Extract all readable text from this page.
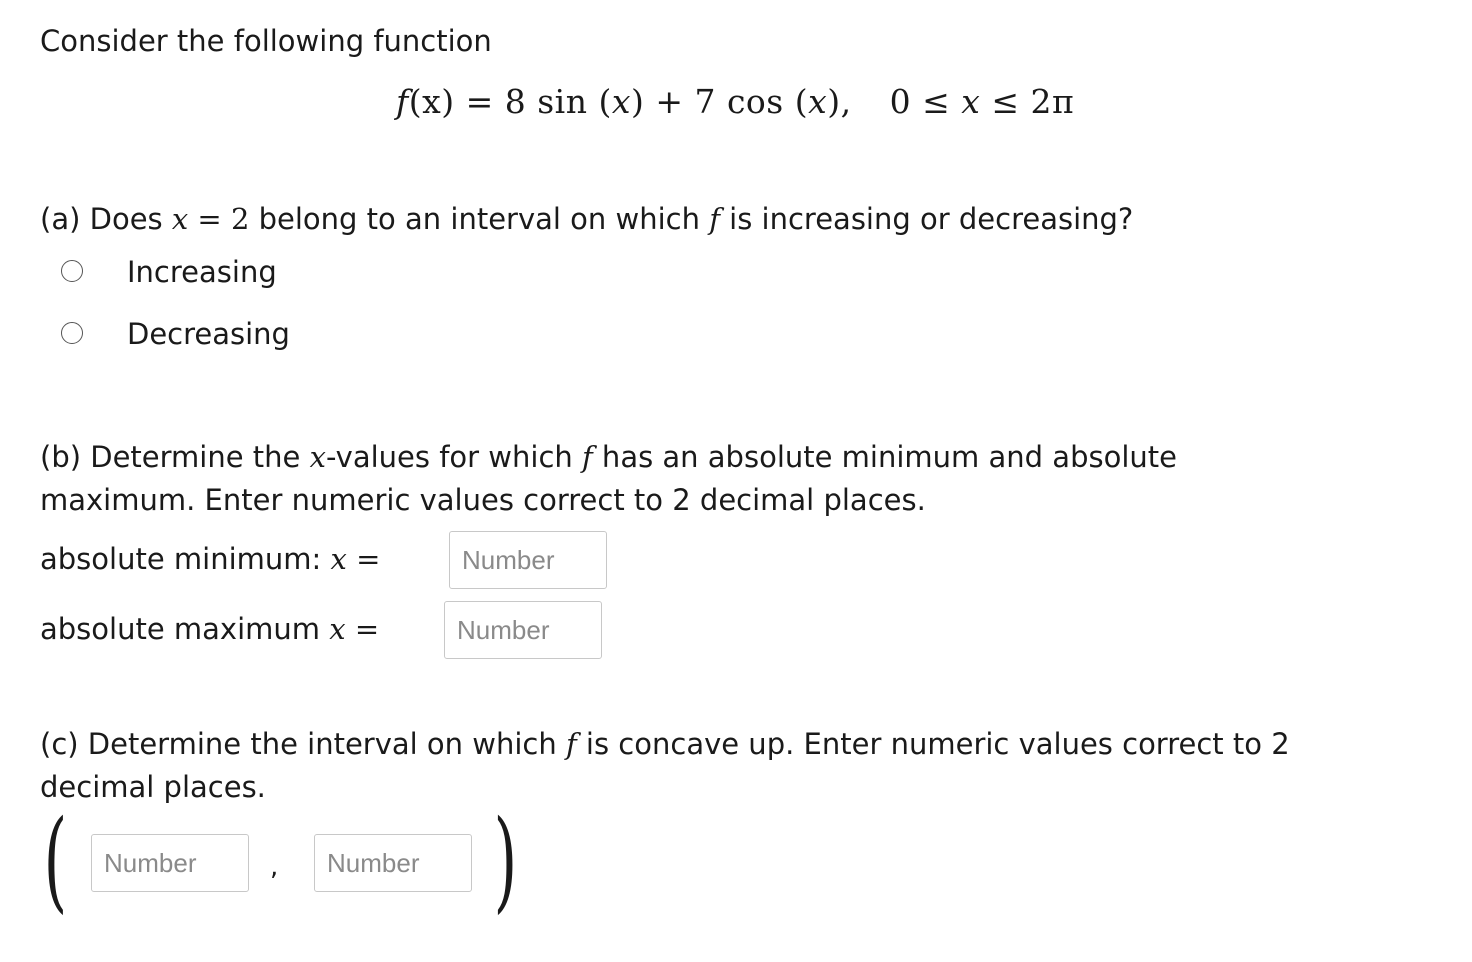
Consider the following function
f(x) = 8 sin (x) + 7 cos (x), 0 ≤ x ≤ 2π
(a) Does x = 2 belong to an interval on which f is increasing or decreasing?
Increasing
Decreasing
(b) Determine the x-values for which f has an absolute minimum and absolute
maximum. Enter numeric values correct to 2 decimal places.
absolute minimum: x =
Number
absolute maximum x =
Number
(c) Determine the interval on which f is concave up. Enter numeric values correct to 2
decimal places.
(
Number	,
Number )
